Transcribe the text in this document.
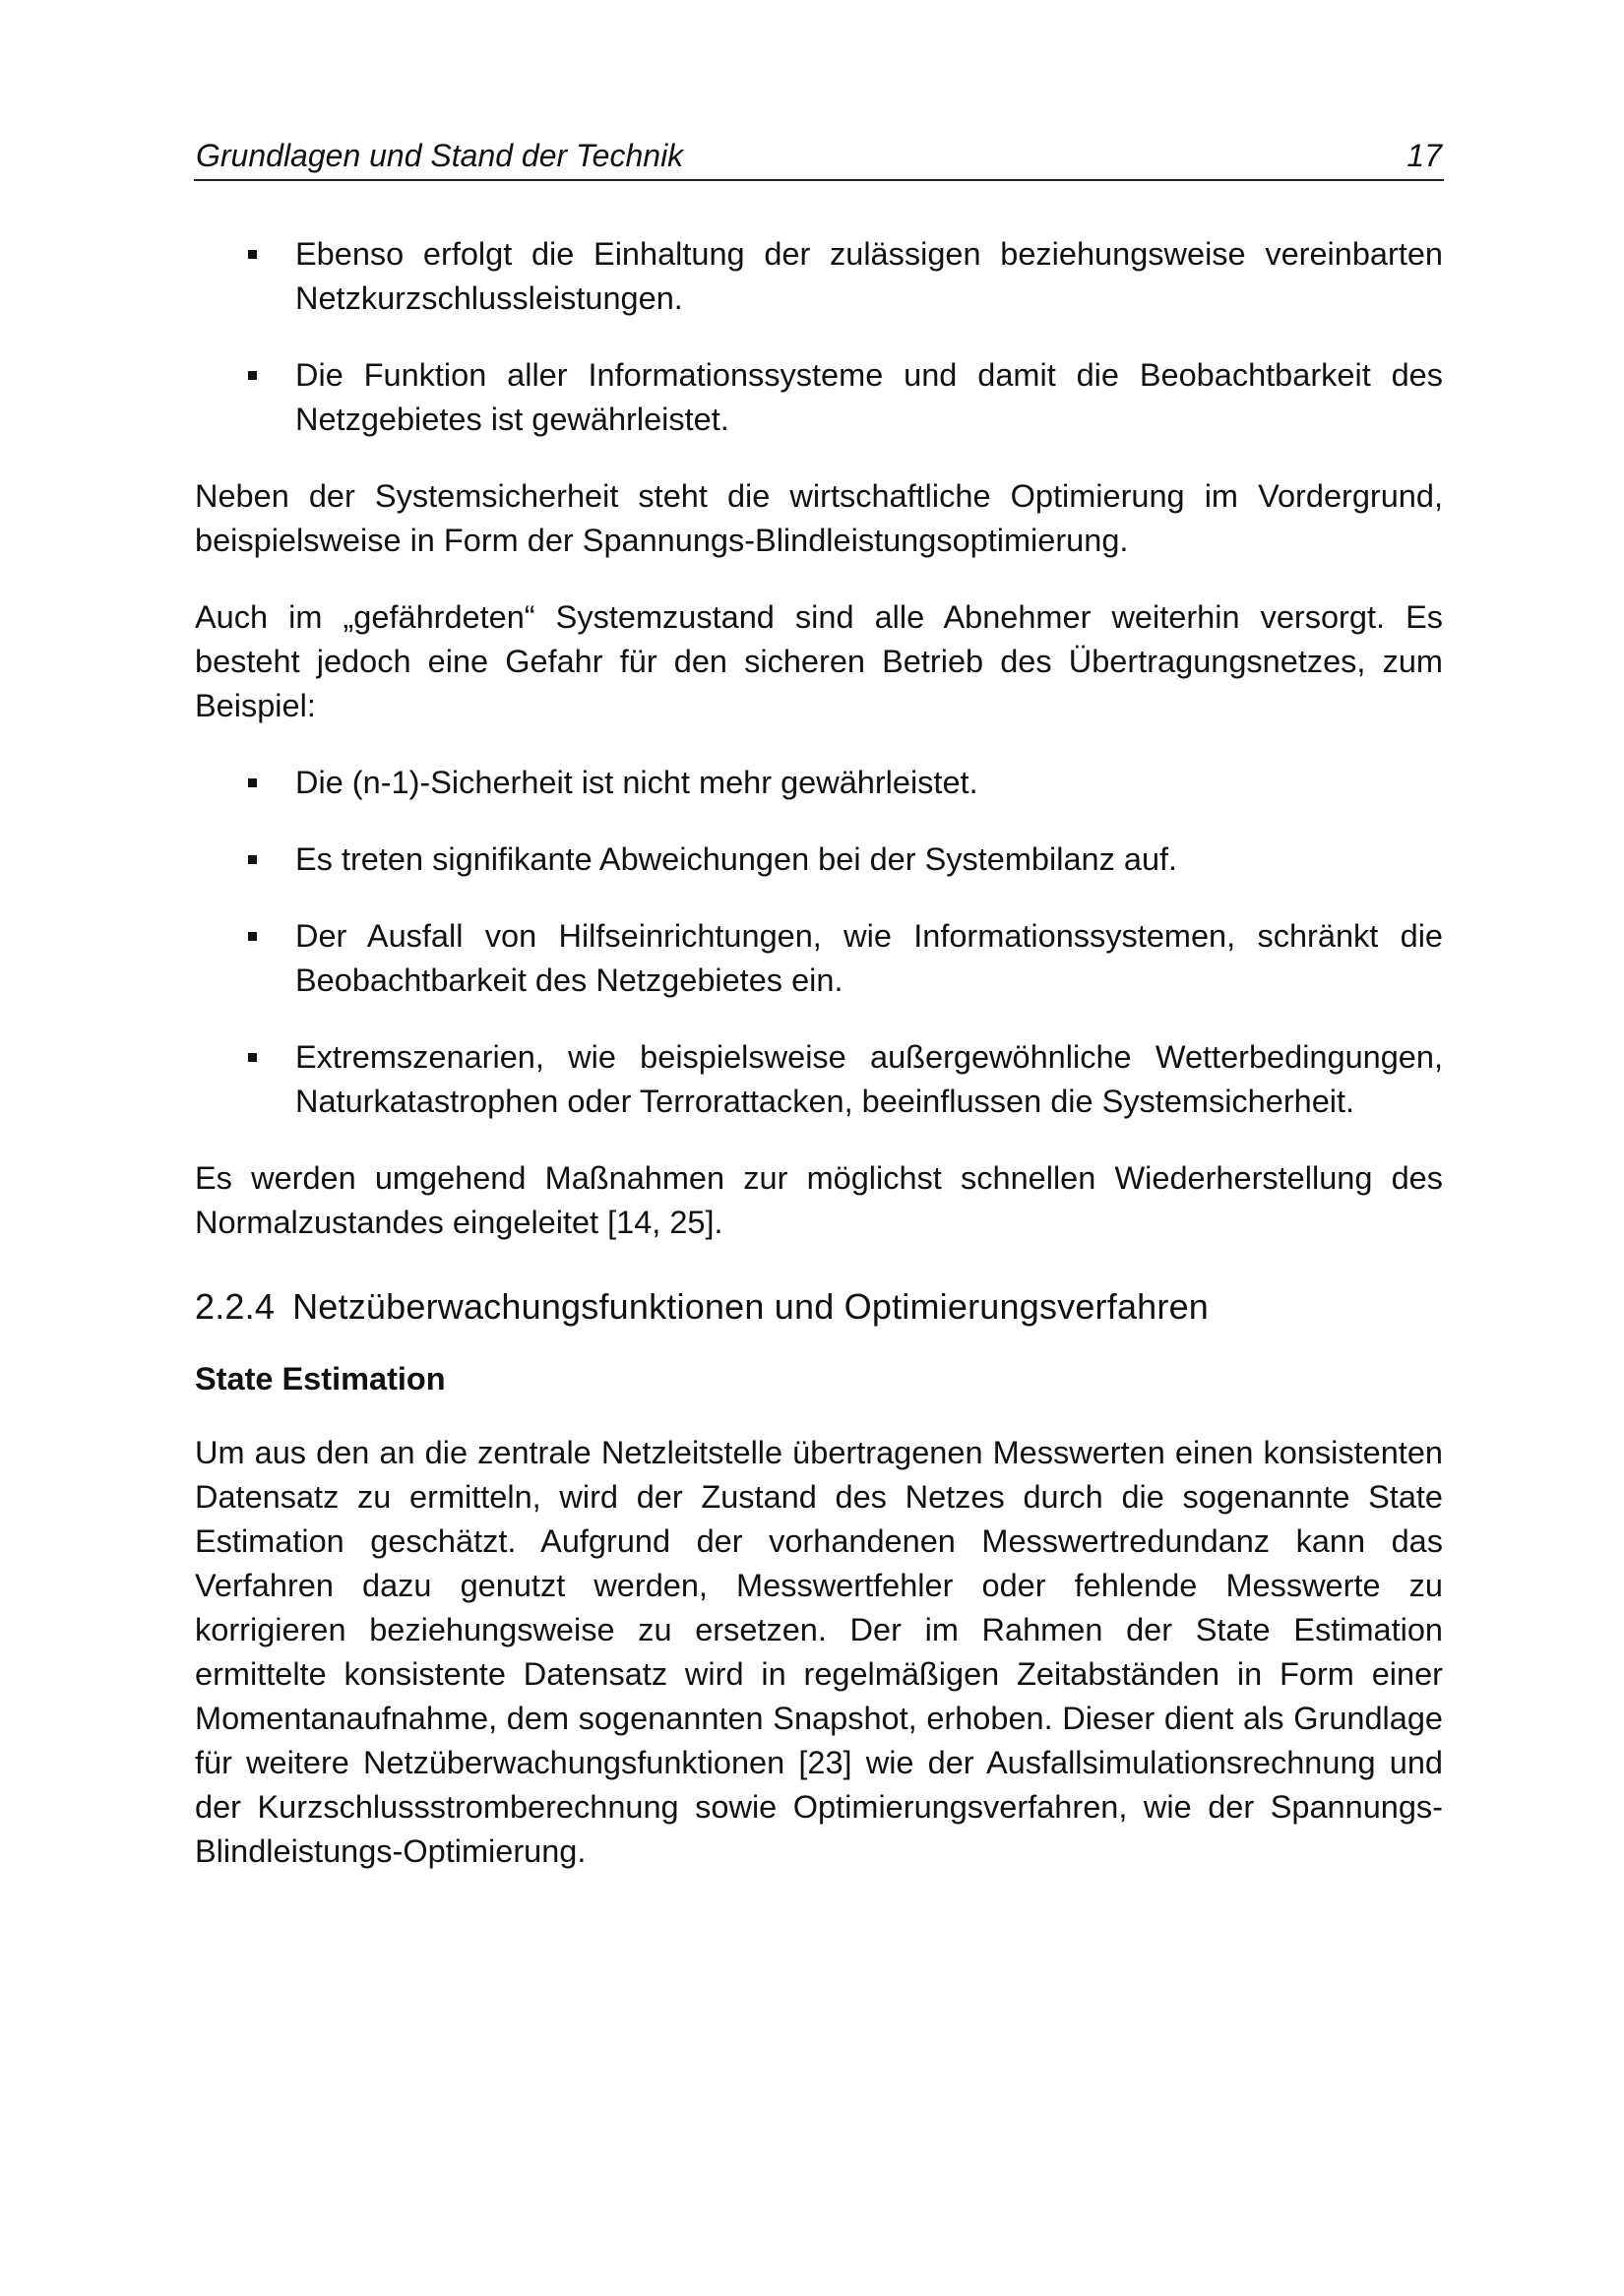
Grundlagen und Stand der Technik	17
Ebenso erfolgt die Einhaltung der zulässigen beziehungsweise vereinbarten Netzkurzschlussleistungen.
Die Funktion aller Informationssysteme und damit die Beobachtbarkeit des Netzgebietes ist gewährleistet.

Neben der Systemsicherheit steht die wirtschaftliche Optimierung im Vordergrund, beispielsweise in Form der Spannungs-Blindleistungsoptimierung.

Auch im „gefährdeten“ Systemzustand sind alle Abnehmer weiterhin versorgt. Es besteht jedoch eine Gefahr für den sicheren Betrieb des Übertragungsnetzes, zum Beispiel:

Die (n-1)-Sicherheit ist nicht mehr gewährleistet.
Es treten signifikante Abweichungen bei der Systembilanz auf.
Der Ausfall von Hilfseinrichtungen, wie Informationssystemen, schränkt die Beobachtbarkeit des Netzgebietes ein.
Extremszenarien, wie beispielsweise außergewöhnliche Wetterbedingungen, Naturkatastrophen oder Terrorattacken, beeinflussen die Systemsicherheit.

Es werden umgehend Maßnahmen zur möglichst schnellen Wiederherstellung des Normalzustandes eingeleitet [14, 25].

2.2.4 Netzüberwachungsfunktionen und Optimierungsverfahren
State Estimation

Um aus den an die zentrale Netzleitstelle übertragenen Messwerten einen konsistenten Datensatz zu ermitteln, wird der Zustand des Netzes durch die sogenannte State Estimation geschätzt. Aufgrund der vorhandenen Messwertredundanz kann das Verfahren dazu genutzt werden, Messwertfehler oder fehlende Messwerte zu korrigieren beziehungsweise zu ersetzen. Der im Rahmen der State Estimation ermittelte konsistente Datensatz wird in regelmäßigen Zeitabständen in Form einer Momentanaufnahme, dem sogenannten Snapshot, erhoben. Dieser dient als Grundlage für weitere Netzüberwachungsfunktionen [23] wie der Ausfallsimulationsrechnung und der Kurzschlussstromberechnung sowie Optimierungsverfahren, wie der Spannungs-Blindleistungs-Optimierung.
